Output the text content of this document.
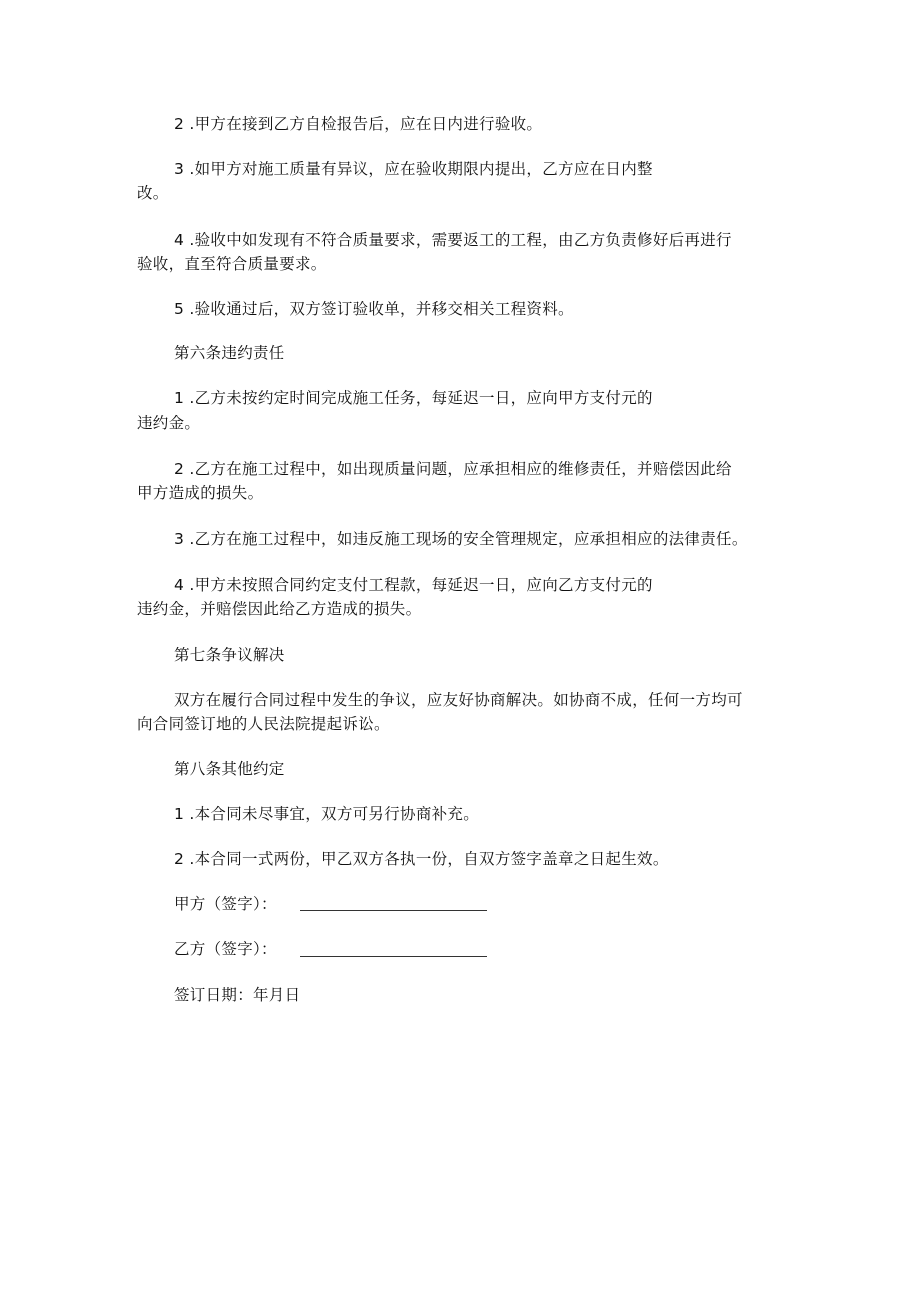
2 .甲方在接到乙方自检报告后，应在日内进行验收。
3 .如甲方对施工质量有异议，应在验收期限内提出，乙方应在日内整
改。
4 .验收中如发现有不符合质量要求，需要返工的工程，由乙方负责修好后再进行
验收，直至符合质量要求。
5 .验收通过后，双方签订验收单，并移交相关工程资料。
第六条违约责任
1 .乙方未按约定时间完成施工任务，每延迟一日，应向甲方支付元的
违约金。
2 .乙方在施工过程中，如出现质量问题，应承担相应的维修责任，并赔偿因此给
甲方造成的损失。
3 .乙方在施工过程中，如违反施工现场的安全管理规定，应承担相应的法律责任。
4 .甲方未按照合同约定支付工程款，每延迟一日，应向乙方支付元的
违约金，并赔偿因此给乙方造成的损失。
第七条争议解决
双方在履行合同过程中发生的争议，应友好协商解决。如协商不成，任何一方均可
向合同签订地的人民法院提起诉讼。
第八条其他约定
1 .本合同未尽事宜，双方可另行协商补充。
2 .本合同一式两份，甲乙双方各执一份，自双方签字盖章之日起生效。
甲方（签字）：
乙方（签字）：
签订日期：年月日
